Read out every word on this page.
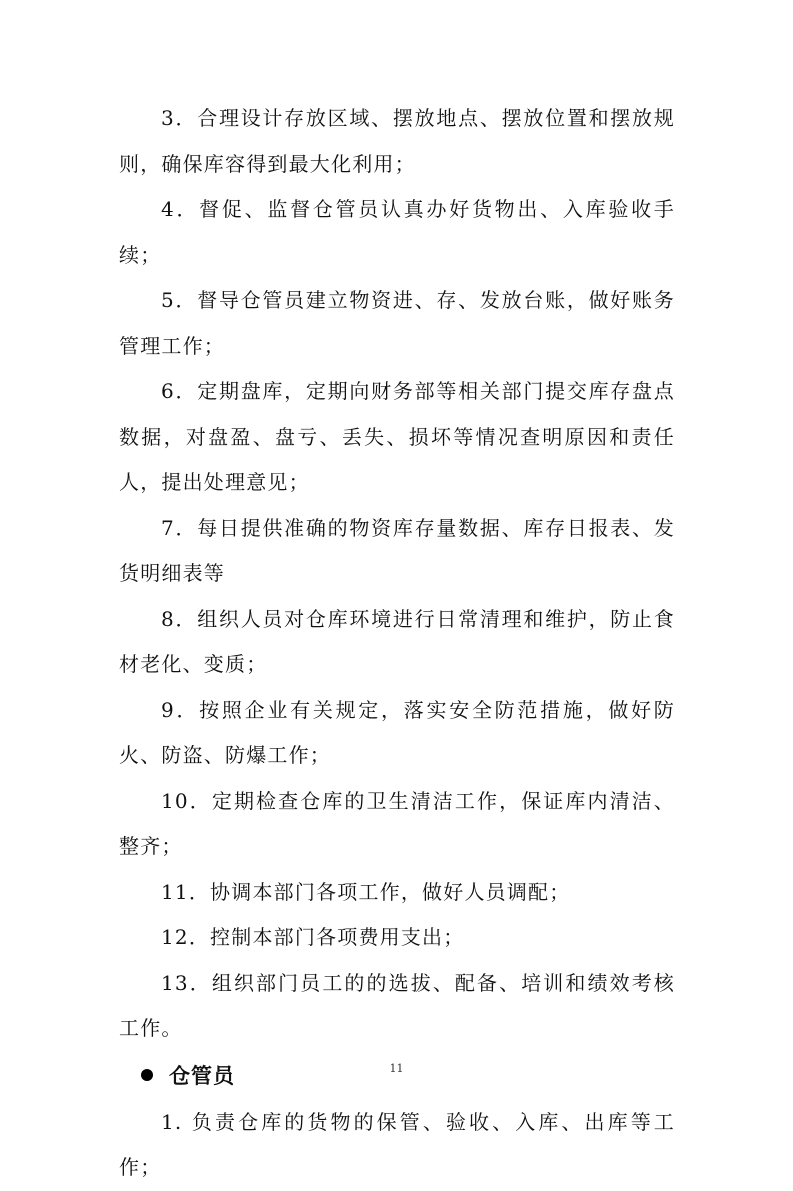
3．合理设计存放区域、摆放地点、摆放位置和摆放规则，确保库容得到最大化利用；

4．督促、监督仓管员认真办好货物出、入库验收手续；

5．督导仓管员建立物资进、存、发放台账，做好账务管理工作；

6．定期盘库，定期向财务部等相关部门提交库存盘点数据，对盘盈、盘亏、丢失、损坏等情况查明原因和责任人，提出处理意见；

7．每日提供准确的物资库存量数据、库存日报表、发货明细表等

8．组织人员对仓库环境进行日常清理和维护，防止食材老化、变质；

9．按照企业有关规定，落实安全防范措施，做好防火、防盗、防爆工作；

10．定期检查仓库的卫生清洁工作，保证库内清洁、整齐；

11．协调本部门各项工作，做好人员调配；

12．控制本部门各项费用支出；

13．组织部门员工的的选拔、配备、培训和绩效考核工作。

仓管员

1. 负责仓库的货物的保管、验收、入库、出库等工作；

11
